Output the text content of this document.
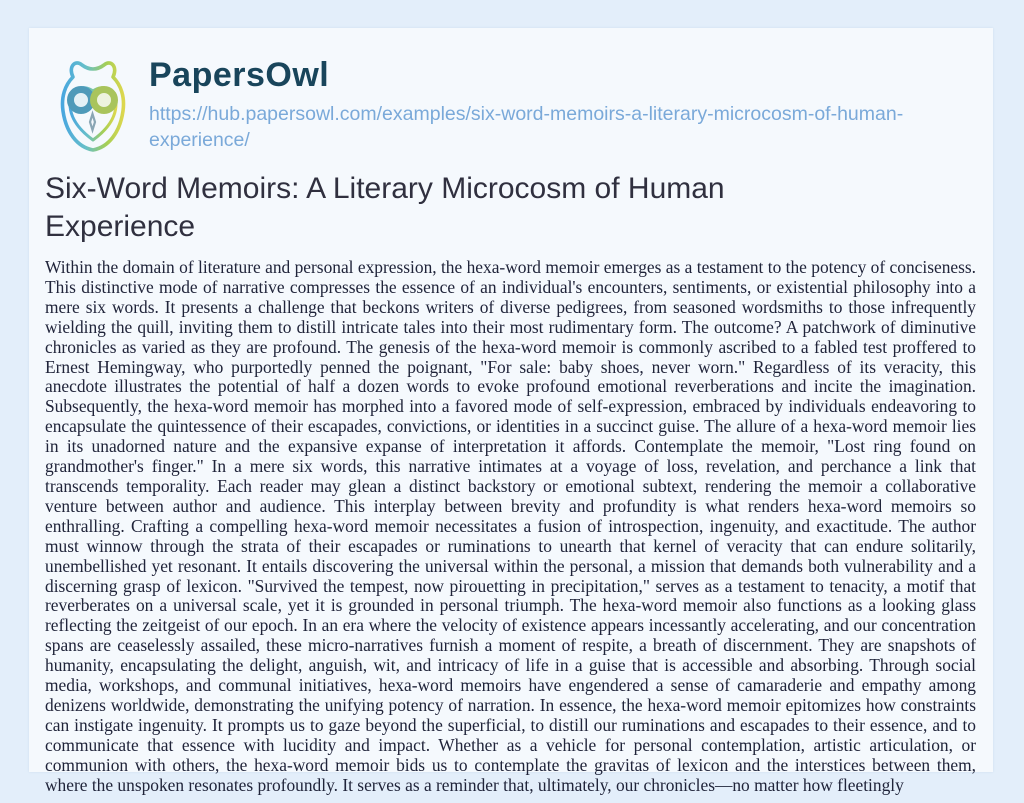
PapersOwl
https://hub.papersowl.com/examples/six-word-memoirs-a-literary-microcosm-of-human-experience/
Six-Word Memoirs: A Literary Microcosm of Human Experience

Within the domain of literature and personal expression, the hexa-word memoir emerges as a testament to the potency of conciseness. This distinctive mode of narrative compresses the essence of an individual's encounters, sentiments, or existential philosophy into a mere six words. It presents a challenge that beckons writers of diverse pedigrees, from seasoned wordsmiths to those infrequently wielding the quill, inviting them to distill intricate tales into their most rudimentary form. The outcome? A patchwork of diminutive chronicles as varied as they are profound. The genesis of the hexa-word memoir is commonly ascribed to a fabled test proffered to Ernest Hemingway, who purportedly penned the poignant, "For sale: baby shoes, never worn." Regardless of its veracity, this anecdote illustrates the potential of half a dozen words to evoke profound emotional reverberations and incite the imagination. Subsequently, the hexa-word memoir has morphed into a favored mode of self-expression, embraced by individuals endeavoring to encapsulate the quintessence of their escapades, convictions, or identities in a succinct guise. The allure of a hexa-word memoir lies in its unadorned nature and the expansive expanse of interpretation it affords. Contemplate the memoir, "Lost ring found on grandmother's finger." In a mere six words, this narrative intimates at a voyage of loss, revelation, and perchance a link that transcends temporality. Each reader may glean a distinct backstory or emotional subtext, rendering the memoir a collaborative venture between author and audience. This interplay between brevity and profundity is what renders hexa-word memoirs so enthralling. Crafting a compelling hexa-word memoir necessitates a fusion of introspection, ingenuity, and exactitude. The author must winnow through the strata of their escapades or ruminations to unearth that kernel of veracity that can endure solitarily, unembellished yet resonant. It entails discovering the universal within the personal, a mission that demands both vulnerability and a discerning grasp of lexicon. "Survived the tempest, now pirouetting in precipitation," serves as a testament to tenacity, a motif that reverberates on a universal scale, yet it is grounded in personal triumph. The hexa-word memoir also functions as a looking glass reflecting the zeitgeist of our epoch. In an era where the velocity of existence appears incessantly accelerating, and our concentration spans are ceaselessly assailed, these micro-narratives furnish a moment of respite, a breath of discernment. They are snapshots of humanity, encapsulating the delight, anguish, wit, and intricacy of life in a guise that is accessible and absorbing. Through social media, workshops, and communal initiatives, hexa-word memoirs have engendered a sense of camaraderie and empathy among denizens worldwide, demonstrating the unifying potency of narration. In essence, the hexa-word memoir epitomizes how constraints can instigate ingenuity. It prompts us to gaze beyond the superficial, to distill our ruminations and escapades to their essence, and to communicate that essence with lucidity and impact. Whether as a vehicle for personal contemplation, artistic articulation, or communion with others, the hexa-word memoir bids us to contemplate the gravitas of lexicon and the interstices between them, where the unspoken resonates profoundly. It serves as a reminder that, ultimately, our chronicles—no matter how fleetingly
